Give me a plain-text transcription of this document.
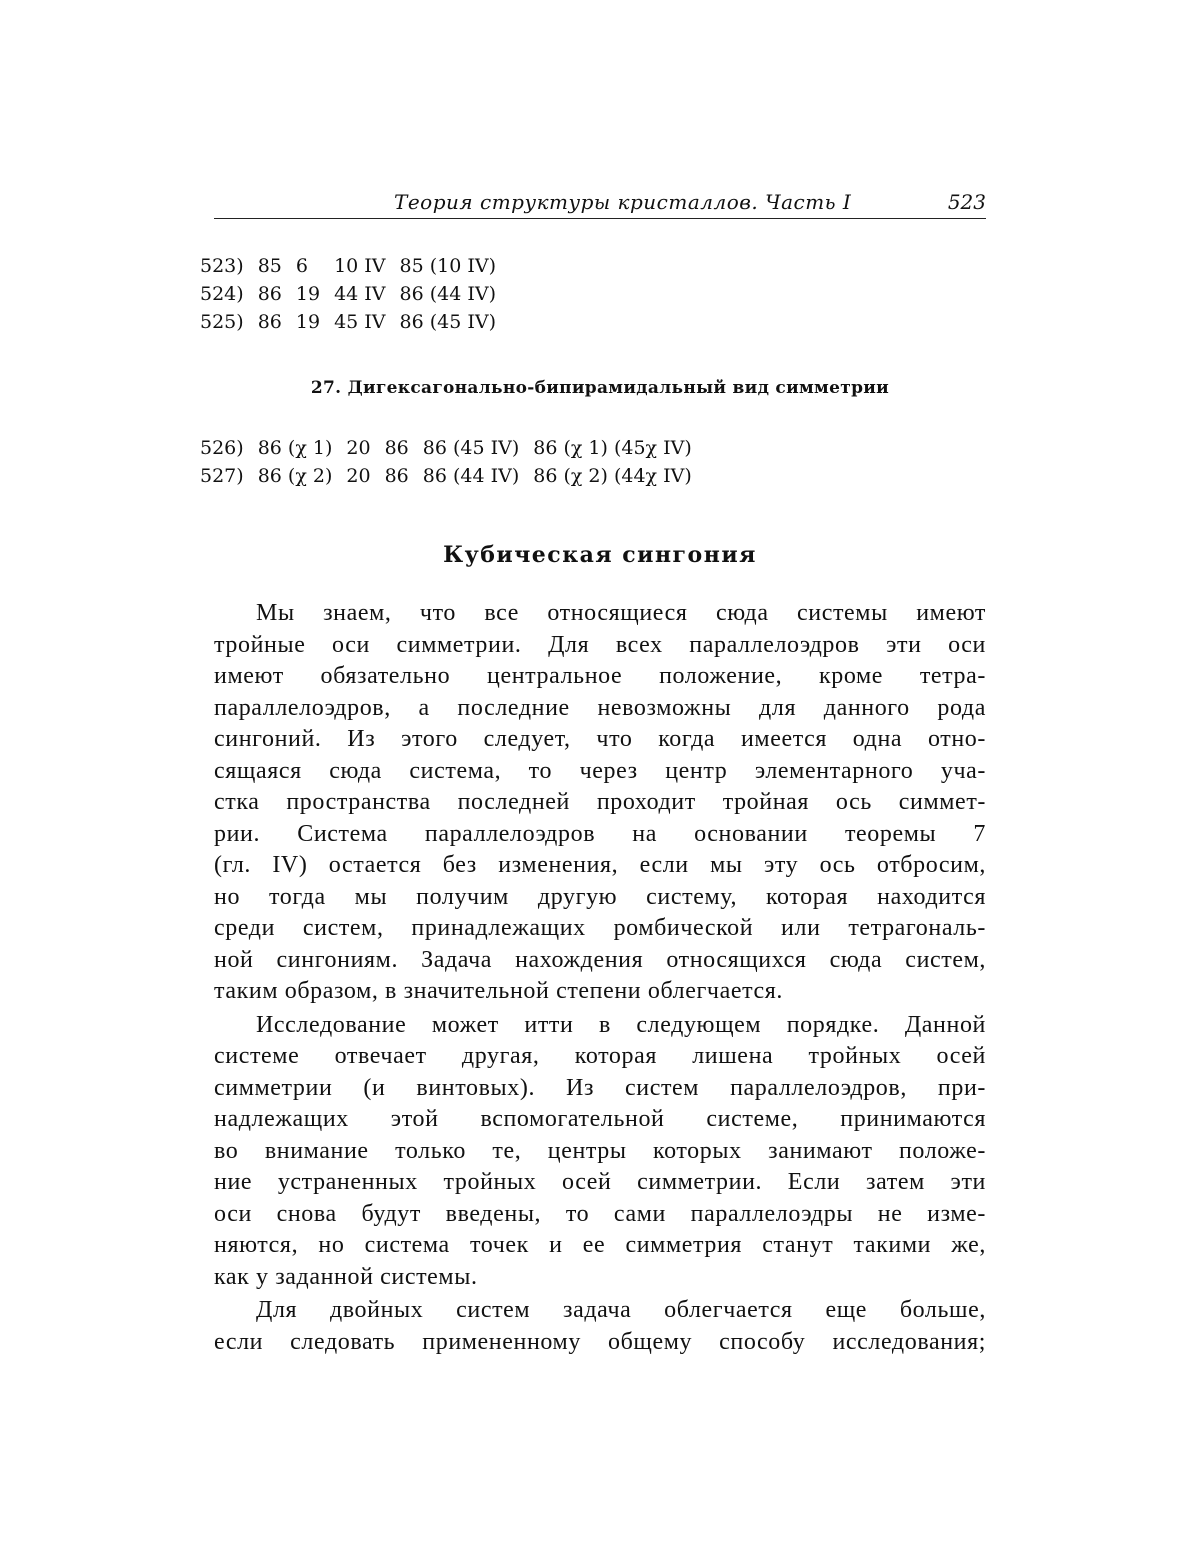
Теория структуры кристаллов. Часть I	523
523)	85	6	10 IV	85 (10 IV)
524)	86	19	44 IV	86 (44 IV)
525)	86	19	45 IV	86 (45 IV)
27. Дигексагонально-бипирамидальный вид симметрии
526)	86 (χ 1)	20	86	86 (45 IV)	86 (χ 1) (45χ IV)
527)	86 (χ 2)	20	86	86 (44 IV)	86 (χ 2) (44χ IV)
Кубическая сингония
Мы знаем, что все относящиеся сюда системы имеют
тройные оси симметрии. Для всех параллелоэдров эти оси
имеют обязательно центральное положение, кроме тетра-
параллелоэдров, а последние невозможны для данного рода
сингоний. Из этого следует, что когда имеется одна отно-
сящаяся сюда система, то через центр элементарного уча-
стка пространства последней проходит тройная ось симмет-
рии. Система параллелоэдров на основании теоремы 7
(гл. IV) остается без изменения, если мы эту ось отбросим,
но тогда мы получим другую систему, которая находится
среди систем, принадлежащих ромбической или тетрагональ-
ной сингониям. Задача нахождения относящихся сюда систем,
таким образом, в значительной степени облегчается.
Исследование может итти в следующем порядке. Данной
системе отвечает другая, которая лишена тройных осей
симметрии (и винтовых). Из систем параллелоэдров, при-
надлежащих этой вспомогательной системе, принимаются
во внимание только те, центры которых занимают положе-
ние устраненных тройных осей симметрии. Если затем эти
оси снова будут введены, то сами параллелоэдры не изме-
няются, но система точек и ее симметрия станут такими же,
как у заданной системы.
Для двойных систем задача облегчается еще больше,
если следовать примененному общему способу исследования;
